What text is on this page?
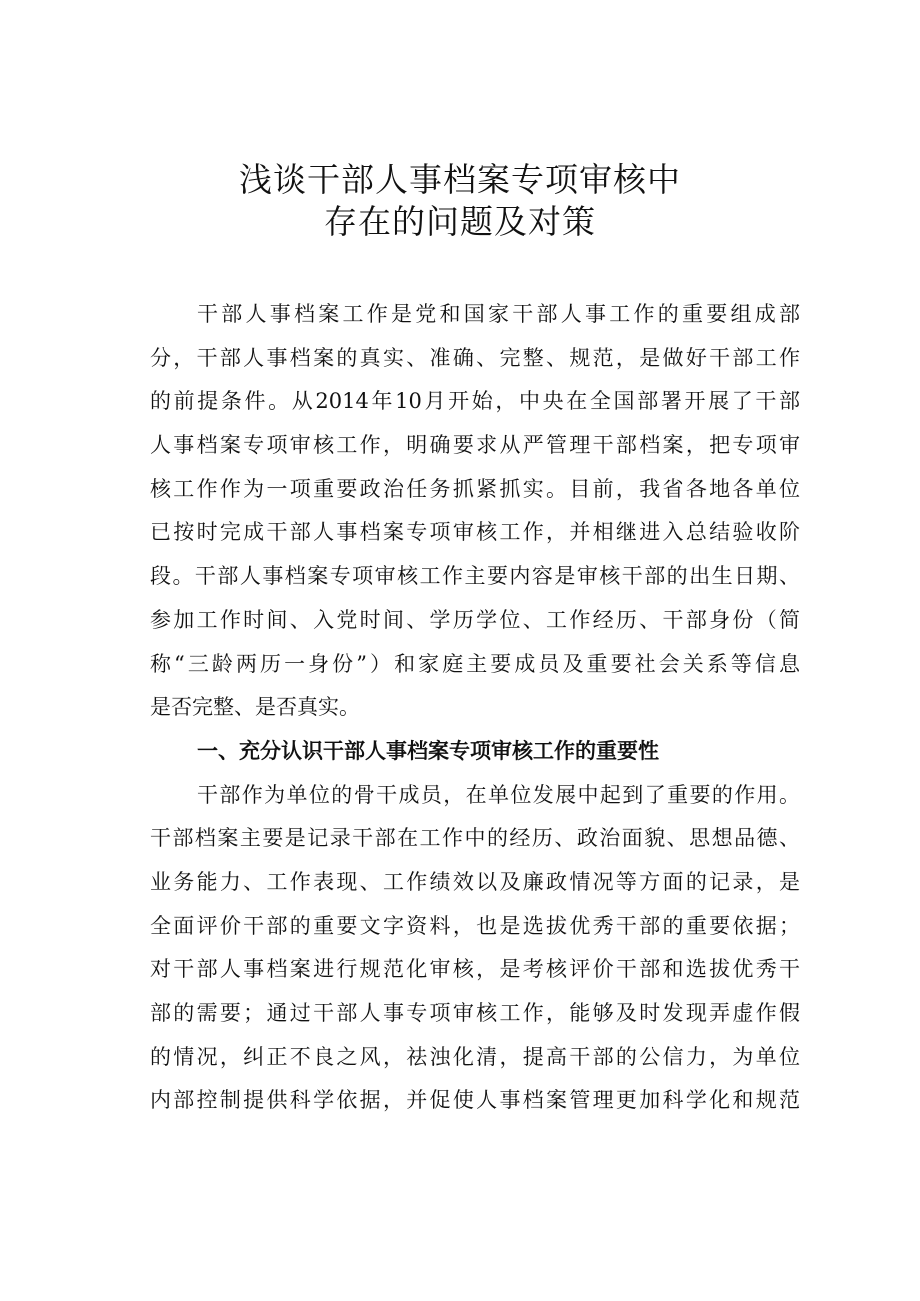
浅谈干部人事档案专项审核中
存在的问题及对策
干部人事档案工作是党和国家干部人事工作的重要组成部
分，干部人事档案的真实、准确、完整、规范，是做好干部工作
的前提条件。从2014年10月开始，中央在全国部署开展了干部
人事档案专项审核工作，明确要求从严管理干部档案，把专项审
核工作作为一项重要政治任务抓紧抓实。目前，我省各地各单位
已按时完成干部人事档案专项审核工作，并相继进入总结验收阶
段。干部人事档案专项审核工作主要内容是审核干部的出生日期、
参加工作时间、入党时间、学历学位、工作经历、干部身份（简
称“三龄两历一身份”）和家庭主要成员及重要社会关系等信息
是否完整、是否真实。
一、充分认识干部人事档案专项审核工作的重要性
干部作为单位的骨干成员，在单位发展中起到了重要的作用。
干部档案主要是记录干部在工作中的经历、政治面貌、思想品德、
业务能力、工作表现、工作绩效以及廉政情况等方面的记录，是
全面评价干部的重要文字资料，也是选拔优秀干部的重要依据；
对干部人事档案进行规范化审核，是考核评价干部和选拔优秀干
部的需要；通过干部人事专项审核工作，能够及时发现弄虚作假
的情况，纠正不良之风，祛浊化清，提高干部的公信力，为单位
内部控制提供科学依据，并促使人事档案管理更加科学化和规范
